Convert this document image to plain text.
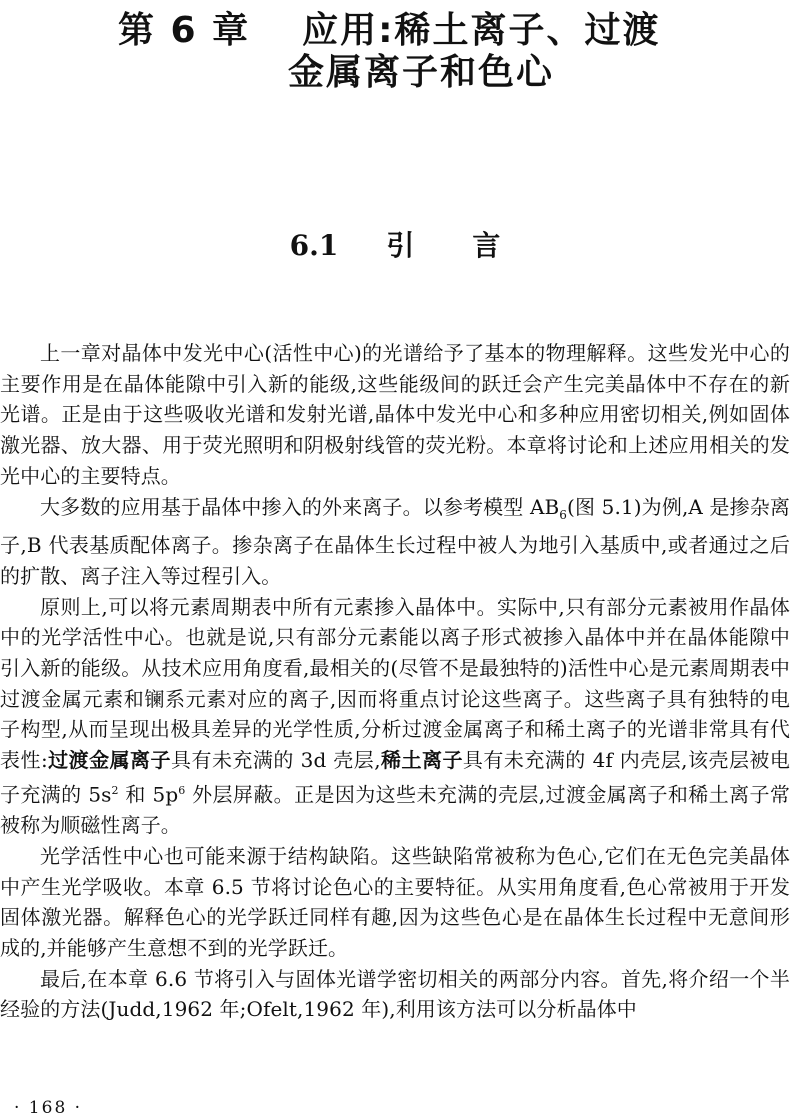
第 6 章 应用:稀土离子、过渡
金属离子和色心
6.1 引 言

上一章对晶体中发光中心(活性中心)的光谱给予了基本的物理解释。这些发光中心的主要作用是在晶体能隙中引入新的能级,这些能级间的跃迁会产生完美晶体中不存在的新光谱。正是由于这些吸收光谱和发射光谱,晶体中发光中心和多种应用密切相关,例如固体激光器、放大器、用于荧光照明和阴极射线管的荧光粉。本章将讨论和上述应用相关的发光中心的主要特点。

大多数的应用基于晶体中掺入的外来离子。以参考模型 $AB_6$(图 5.1)为例,A 是掺杂离子,B 代表基质配体离子。掺杂离子在晶体生长过程中被人为地引入基质中,或者通过之后的扩散、离子注入等过程引入。

原则上,可以将元素周期表中所有元素掺入晶体中。实际中,只有部分元素被用作晶体中的光学活性中心。也就是说,只有部分元素能以离子形式被掺入晶体中并在晶体能隙中引入新的能级。从技术应用角度看,最相关的(尽管不是最独特的)活性中心是元素周期表中过渡金属元素和镧系元素对应的离子,因而将重点讨论这些离子。这些离子具有独特的电子构型,从而呈现出极具差异的光学性质,分析过渡金属离子和稀土离子的光谱非常具有代表性:过渡金属离子具有未充满的 3d 壳层,稀土离子具有未充满的 4f 内壳层,该壳层被电子充满的 $5s^2$ 和 $5p^6$ 外层屏蔽。正是因为这些未充满的壳层,过渡金属离子和稀土离子常被称为顺磁性离子。

光学活性中心也可能来源于结构缺陷。这些缺陷常被称为色心,它们在无色完美晶体中产生光学吸收。本章 6.5 节将讨论色心的主要特征。从实用角度看,色心常被用于开发固体激光器。解释色心的光学跃迁同样有趣,因为这些色心是在晶体生长过程中无意间形成的,并能够产生意想不到的光学跃迁。

最后,在本章 6.6 节将引入与固体光谱学密切相关的两部分内容。首先,将介绍一个半经验的方法(Judd,1962 年;Ofelt,1962 年),利用该方法可以分析晶体中

· 168 ·
